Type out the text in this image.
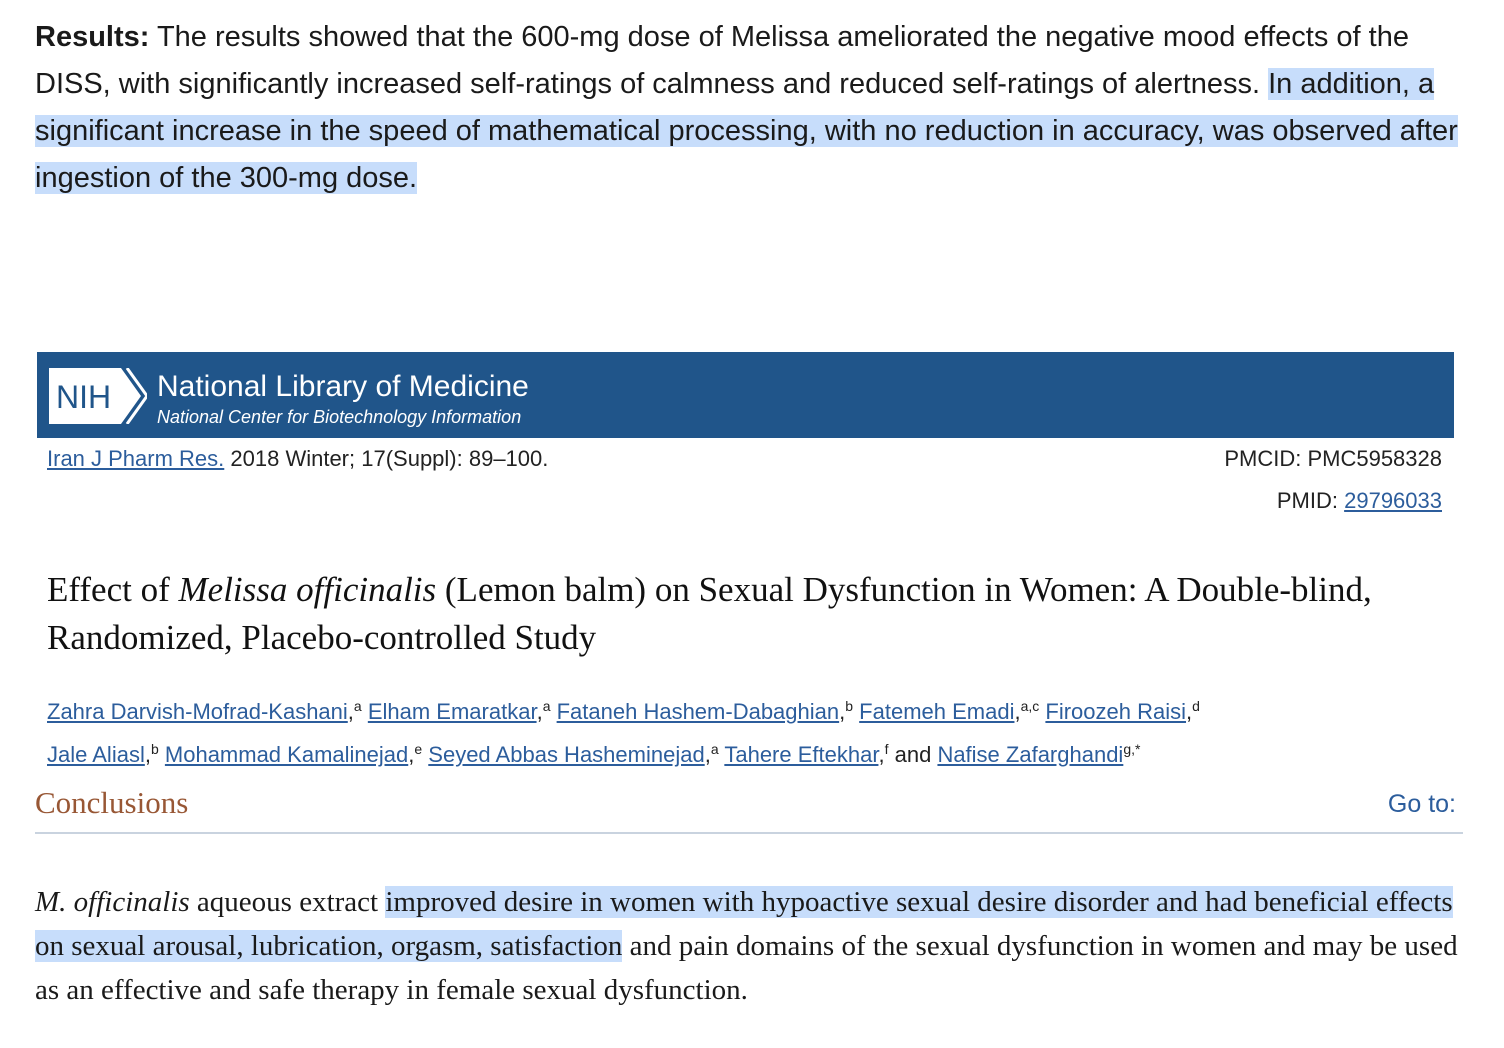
Results: The results showed that the 600-mg dose of Melissa ameliorated the negative mood effects of the DISS, with significantly increased self-ratings of calmness and reduced self-ratings of alertness. In addition, a significant increase in the speed of mathematical processing, with no reduction in accuracy, was observed after ingestion of the 300-mg dose.
NIH National Library of Medicine
National Center for Biotechnology Information
Iran J Pharm Res. 2018 Winter; 17(Suppl): 89–100.	PMCID: PMC5958328
PMID: 29796033
Effect of Melissa officinalis (Lemon balm) on Sexual Dysfunction in Women: A Double-blind, Randomized, Placebo-controlled Study
Zahra Darvish-Mofrad-Kashani,$^a$ Elham Emaratkar,$^a$ Fataneh Hashem-Dabaghian,$^b$ Fatemeh Emadi,$^{a,c}$ Firoozeh Raisi,$^d$
Jale Aliasl,$^b$ Mohammad Kamalinejad,$^e$ Seyed Abbas Hasheminejad,$^a$ Tahere Eftekhar,$^f$ and Nafise Zafarghandi$^{g,*}$
Conclusions	Go to:
M. officinalis aqueous extract improved desire in women with hypoactive sexual desire disorder and had beneficial effects on sexual arousal, lubrication, orgasm, satisfaction and pain domains of the sexual dysfunction in women and may be used as an effective and safe therapy in female sexual dysfunction.
